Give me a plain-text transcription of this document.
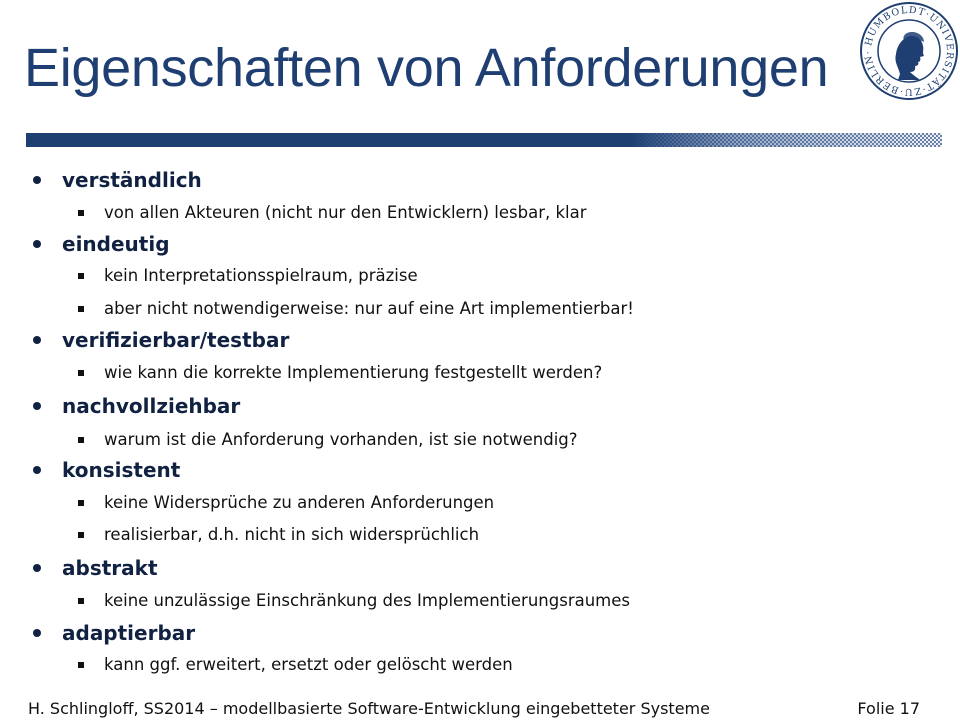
Eigenschaften von Anforderungen	HUMBOLDT·UNIVERSITÄT·ZU·BERLIN·
verständlich
von allen Akteuren (nicht nur den Entwicklern) lesbar, klar
eindeutig
kein Interpretationsspielraum, präzise
aber nicht notwendigerweise: nur auf eine Art implementierbar!
verifizierbar/testbar
wie kann die korrekte Implementierung festgestellt werden?
nachvollziehbar
warum ist die Anforderung vorhanden, ist sie notwendig?
konsistent
keine Widersprüche zu anderen Anforderungen
realisierbar, d.h. nicht in sich widersprüchlich
abstrakt
keine unzulässige Einschränkung des Implementierungsraumes
adaptierbar
kann ggf. erweitert, ersetzt oder gelöscht werden
H. Schlingloff, SS2014 – modellbasierte Software-Entwicklung eingebetteter Systeme	Folie 17
